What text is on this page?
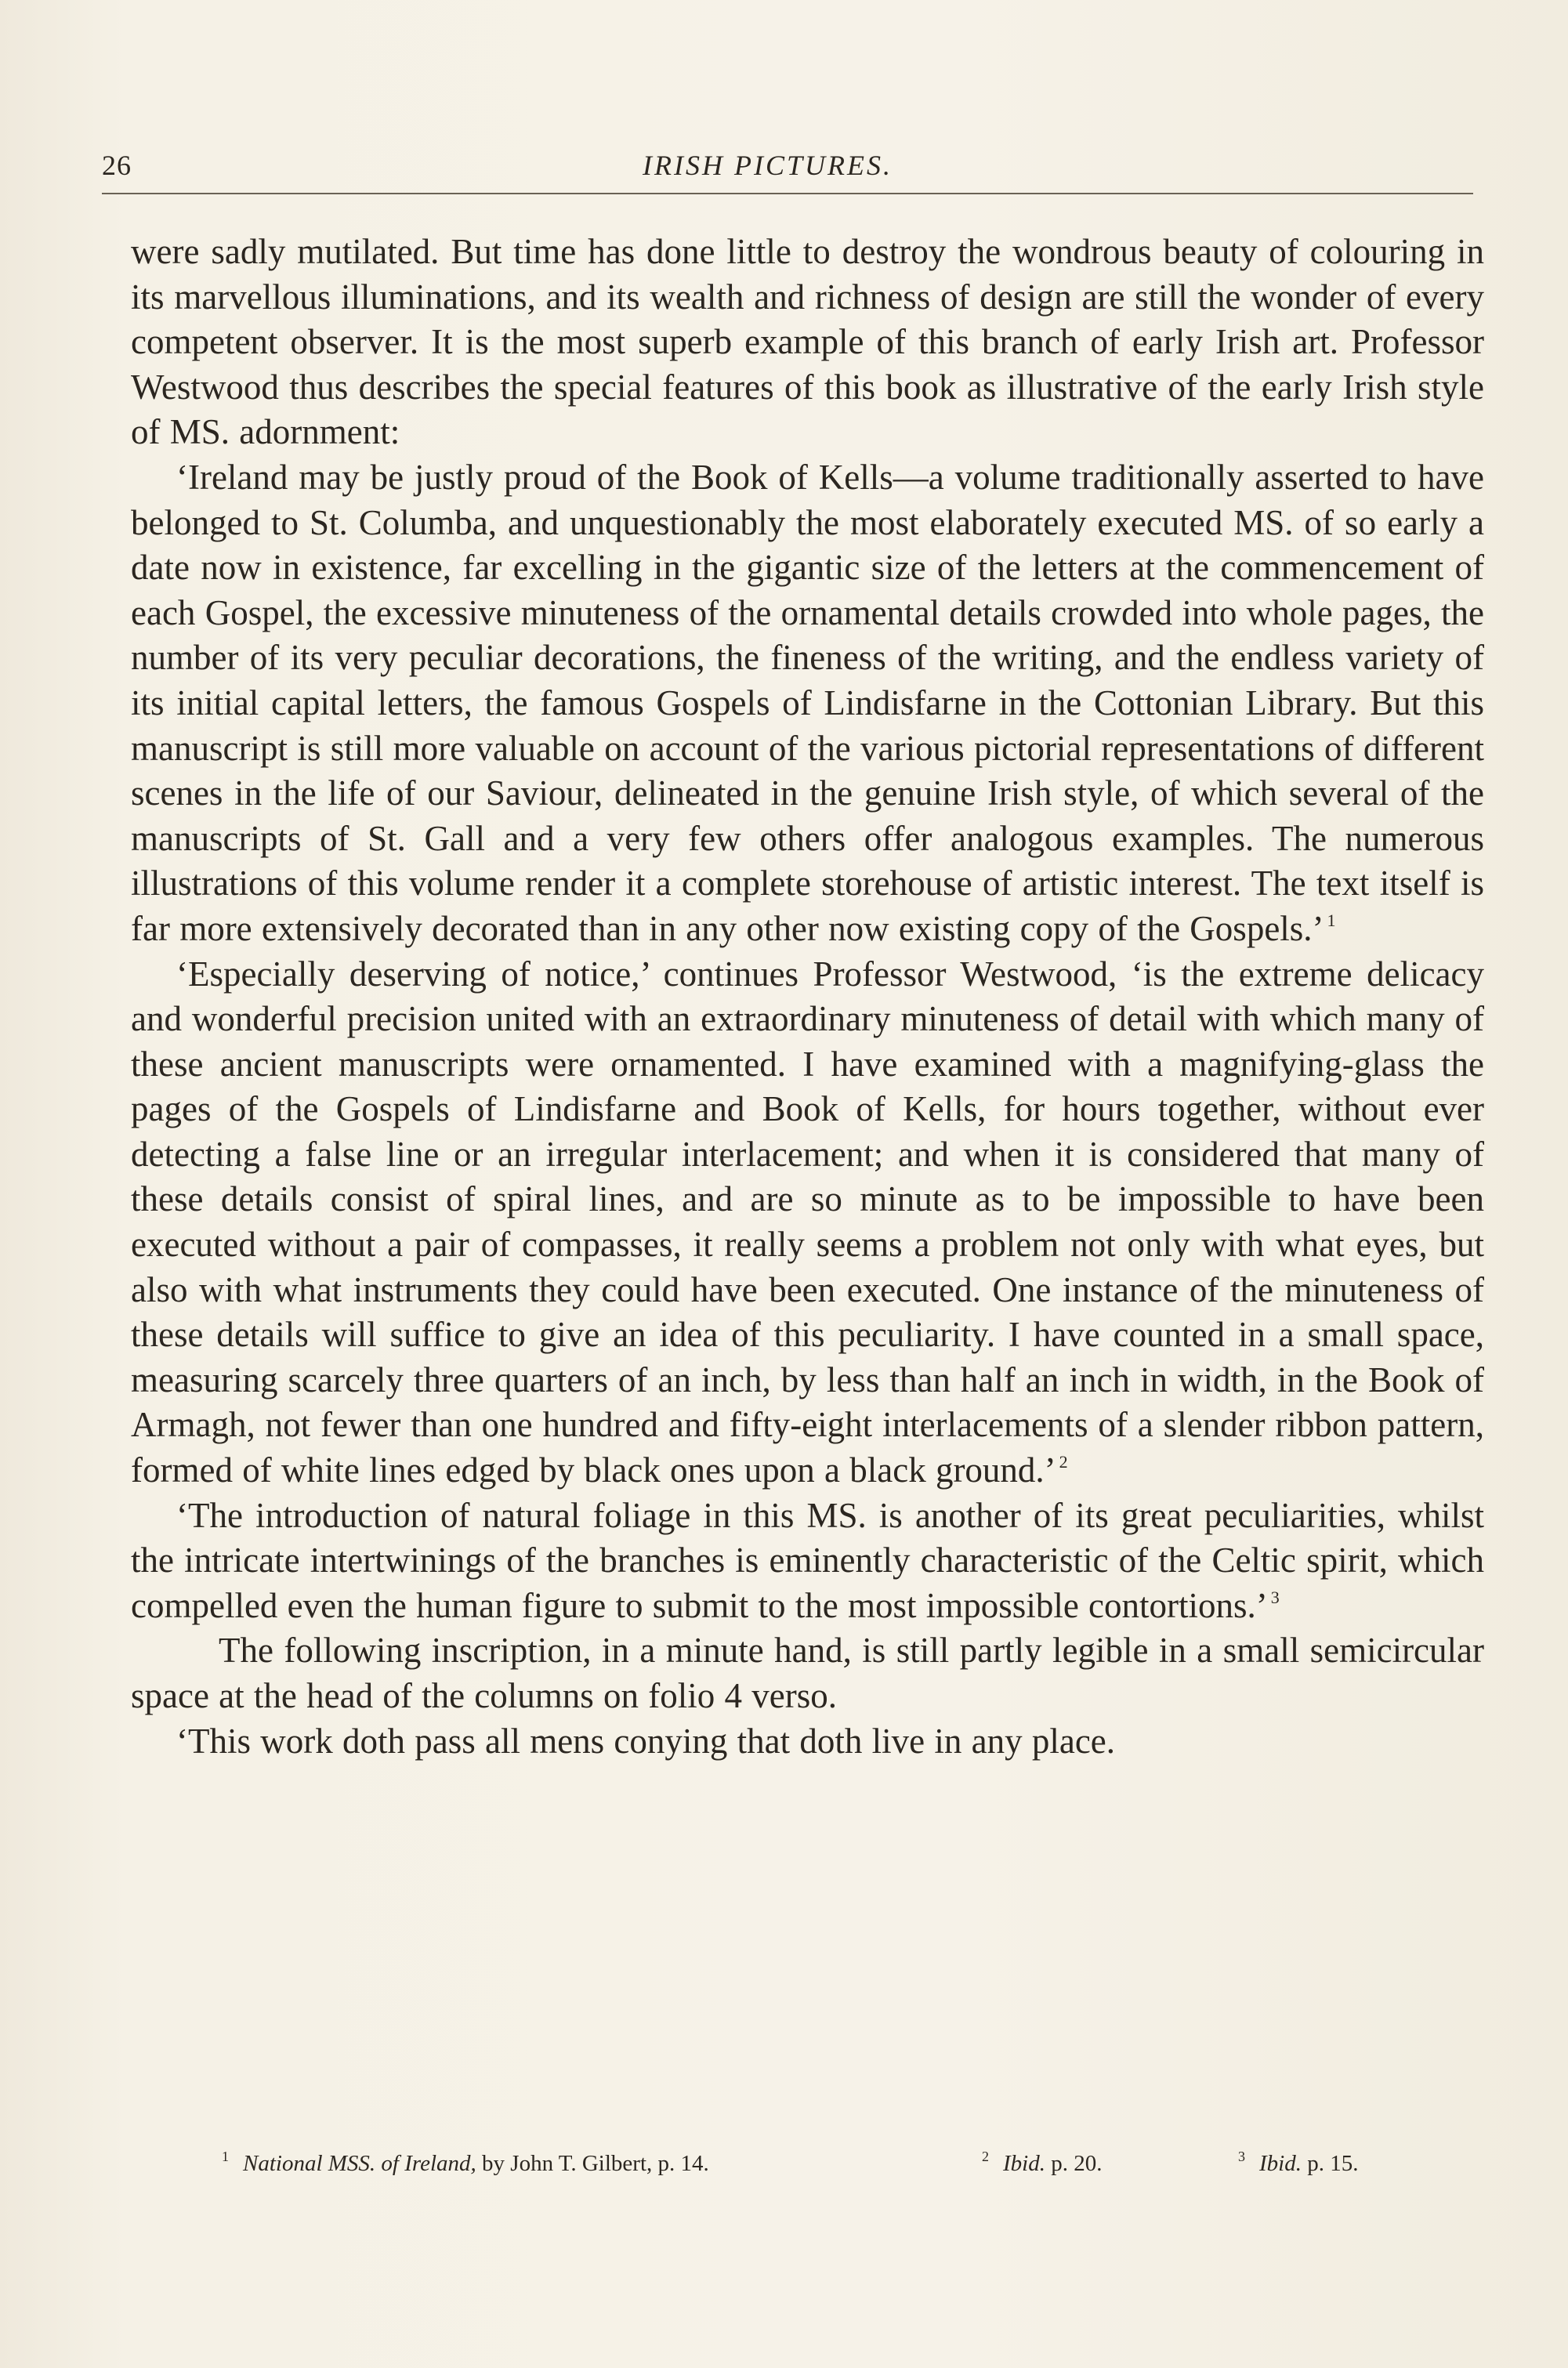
26	IRISH PICTURES.

were sadly mutilated. But time has done little to destroy the wondrous beauty of colouring in its marvellous illuminations, and its wealth and richness of design are still the wonder of every competent observer. It is the most superb example of this branch of early Irish art. Professor Westwood thus describes the special features of this book as illustrative of the early Irish style of MS. adornment:

‘Ireland may be justly proud of the Book of Kells—a volume traditionally asserted to have belonged to St. Columba, and unquestionably the most elaborately executed MS. of so early a date now in existence, far excelling in the gigantic size of the letters at the commencement of each Gospel, the excessive minuteness of the ornamental details crowded into whole pages, the number of its very peculiar decorations, the fineness of the writing, and the endless variety of its initial capital letters, the famous Gospels of Lindisfarne in the Cottonian Library. But this manuscript is still more valuable on account of the various pictorial representations of different scenes in the life of our Saviour, delineated in the genuine Irish style, of which several of the manuscripts of St. Gall and a very few others offer analogous examples. The numerous illustrations of this volume render it a complete storehouse of artistic interest. The text itself is far more extensively decorated than in any other now existing copy of the Gospels.’ $^1$

‘Especially deserving of notice,’ continues Professor Westwood, ‘is the extreme delicacy and wonderful precision united with an extraordinary minuteness of detail with which many of these ancient manuscripts were ornamented. I have examined with a magnifying-glass the pages of the Gospels of Lindisfarne and Book of Kells, for hours together, without ever detecting a false line or an irregular interlacement; and when it is considered that many of these details consist of spiral lines, and are so minute as to be impossible to have been executed without a pair of compasses, it really seems a problem not only with what eyes, but also with what instruments they could have been executed. One instance of the minuteness of these details will suffice to give an idea of this peculiarity. I have counted in a small space, measuring scarcely three quarters of an inch, by less than half an inch in width, in the Book of Armagh, not fewer than one hundred and fifty-eight interlacements of a slender ribbon pattern, formed of white lines edged by black ones upon a black ground.’ $^2$

‘The introduction of natural foliage in this MS. is another of its great peculiarities, whilst the intricate intertwinings of the branches is eminently characteristic of the Celtic spirit, which compelled even the human figure to submit to the most impossible contortions.’ $^3$

The following inscription, in a minute hand, is still partly legible in a small semicircular space at the head of the columns on folio 4 verso.

‘This work doth pass all mens conying that doth live in any place.

$^1$ National MSS. of Ireland, by John T. Gilbert, p. 14.	$^2$ Ibid. p. 20.	$^3$ Ibid. p. 15.
